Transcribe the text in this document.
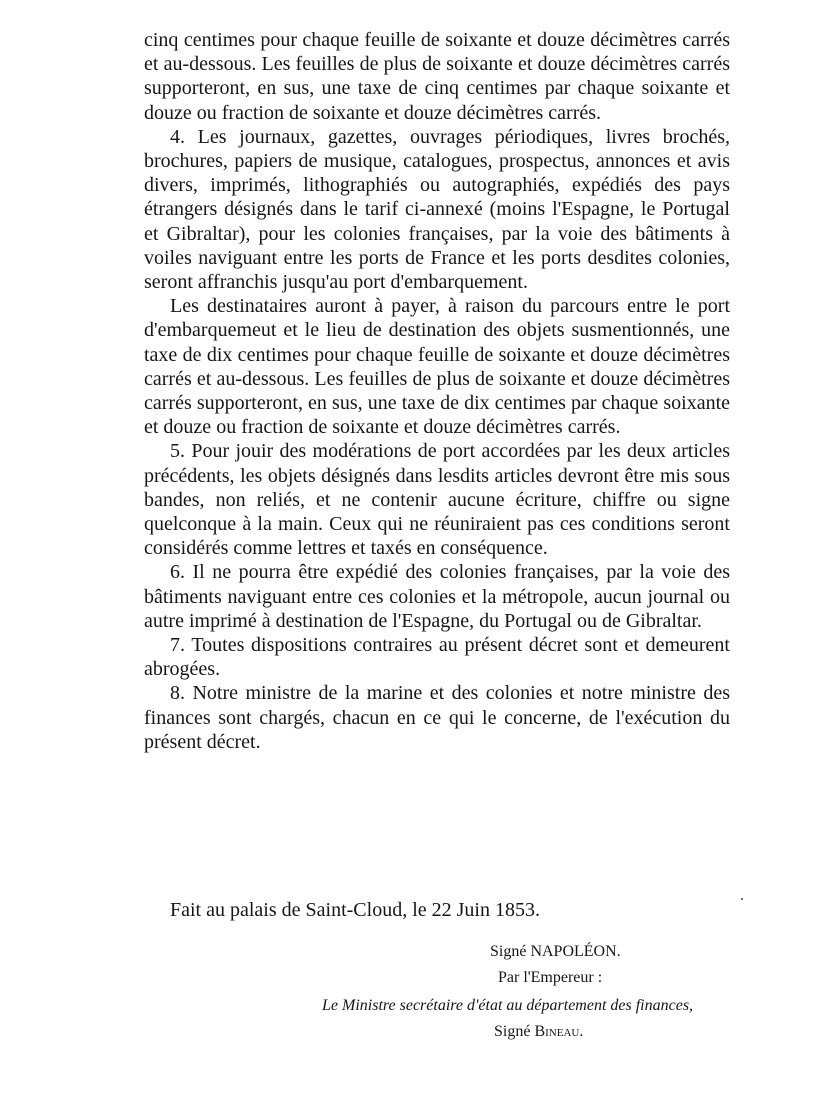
cinq centimes pour chaque feuille de soixante et douze décimètres carrés et au-dessous. Les feuilles de plus de soixante et douze décimètres carrés supporteront, en sus, une taxe de cinq centimes par chaque soixante et douze ou fraction de soixante et douze décimètres carrés.

4. Les journaux, gazettes, ouvrages périodiques, livres brochés, brochures, papiers de musique, catalogues, prospectus, annonces et avis divers, imprimés, lithographiés ou autographiés, expédiés des pays étrangers désignés dans le tarif ci-annexé (moins l'Espagne, le Portugal et Gibraltar), pour les colonies françaises, par la voie des bâtiments à voiles naviguant entre les ports de France et les ports desdites colonies, seront affranchis jusqu'au port d'embarquement.

Les destinataires auront à payer, à raison du parcours entre le port d'embarquemeut et le lieu de destination des objets susmentionnés, une taxe de dix centimes pour chaque feuille de soixante et douze décimètres carrés et au-dessous. Les feuilles de plus de soixante et douze décimètres carrés supporteront, en sus, une taxe de dix centimes par chaque soixante et douze ou fraction de soixante et douze décimètres carrés.

5. Pour jouir des modérations de port accordées par les deux articles précédents, les objets désignés dans lesdits articles devront être mis sous bandes, non reliés, et ne contenir aucune écriture, chiffre ou signe quelconque à la main. Ceux qui ne réuniraient pas ces conditions seront considérés comme lettres et taxés en conséquence.

6. Il ne pourra être expédié des colonies françaises, par la voie des bâtiments naviguant entre ces colonies et la métropole, aucun journal ou autre imprimé à destination de l'Espagne, du Portugal ou de Gibraltar.

7. Toutes dispositions contraires au présent décret sont et demeurent abrogées.

8. Notre ministre de la marine et des colonies et notre ministre des finances sont chargés, chacun en ce qui le concerne, de l'exécution du présent décret.

Fait au palais de Saint-Cloud, le 22 Juin 1853.
Signé NAPOLÉON.
Par l'Empereur :
Le Ministre secrétaire d'état au département des finances,
Signé Bineau.
